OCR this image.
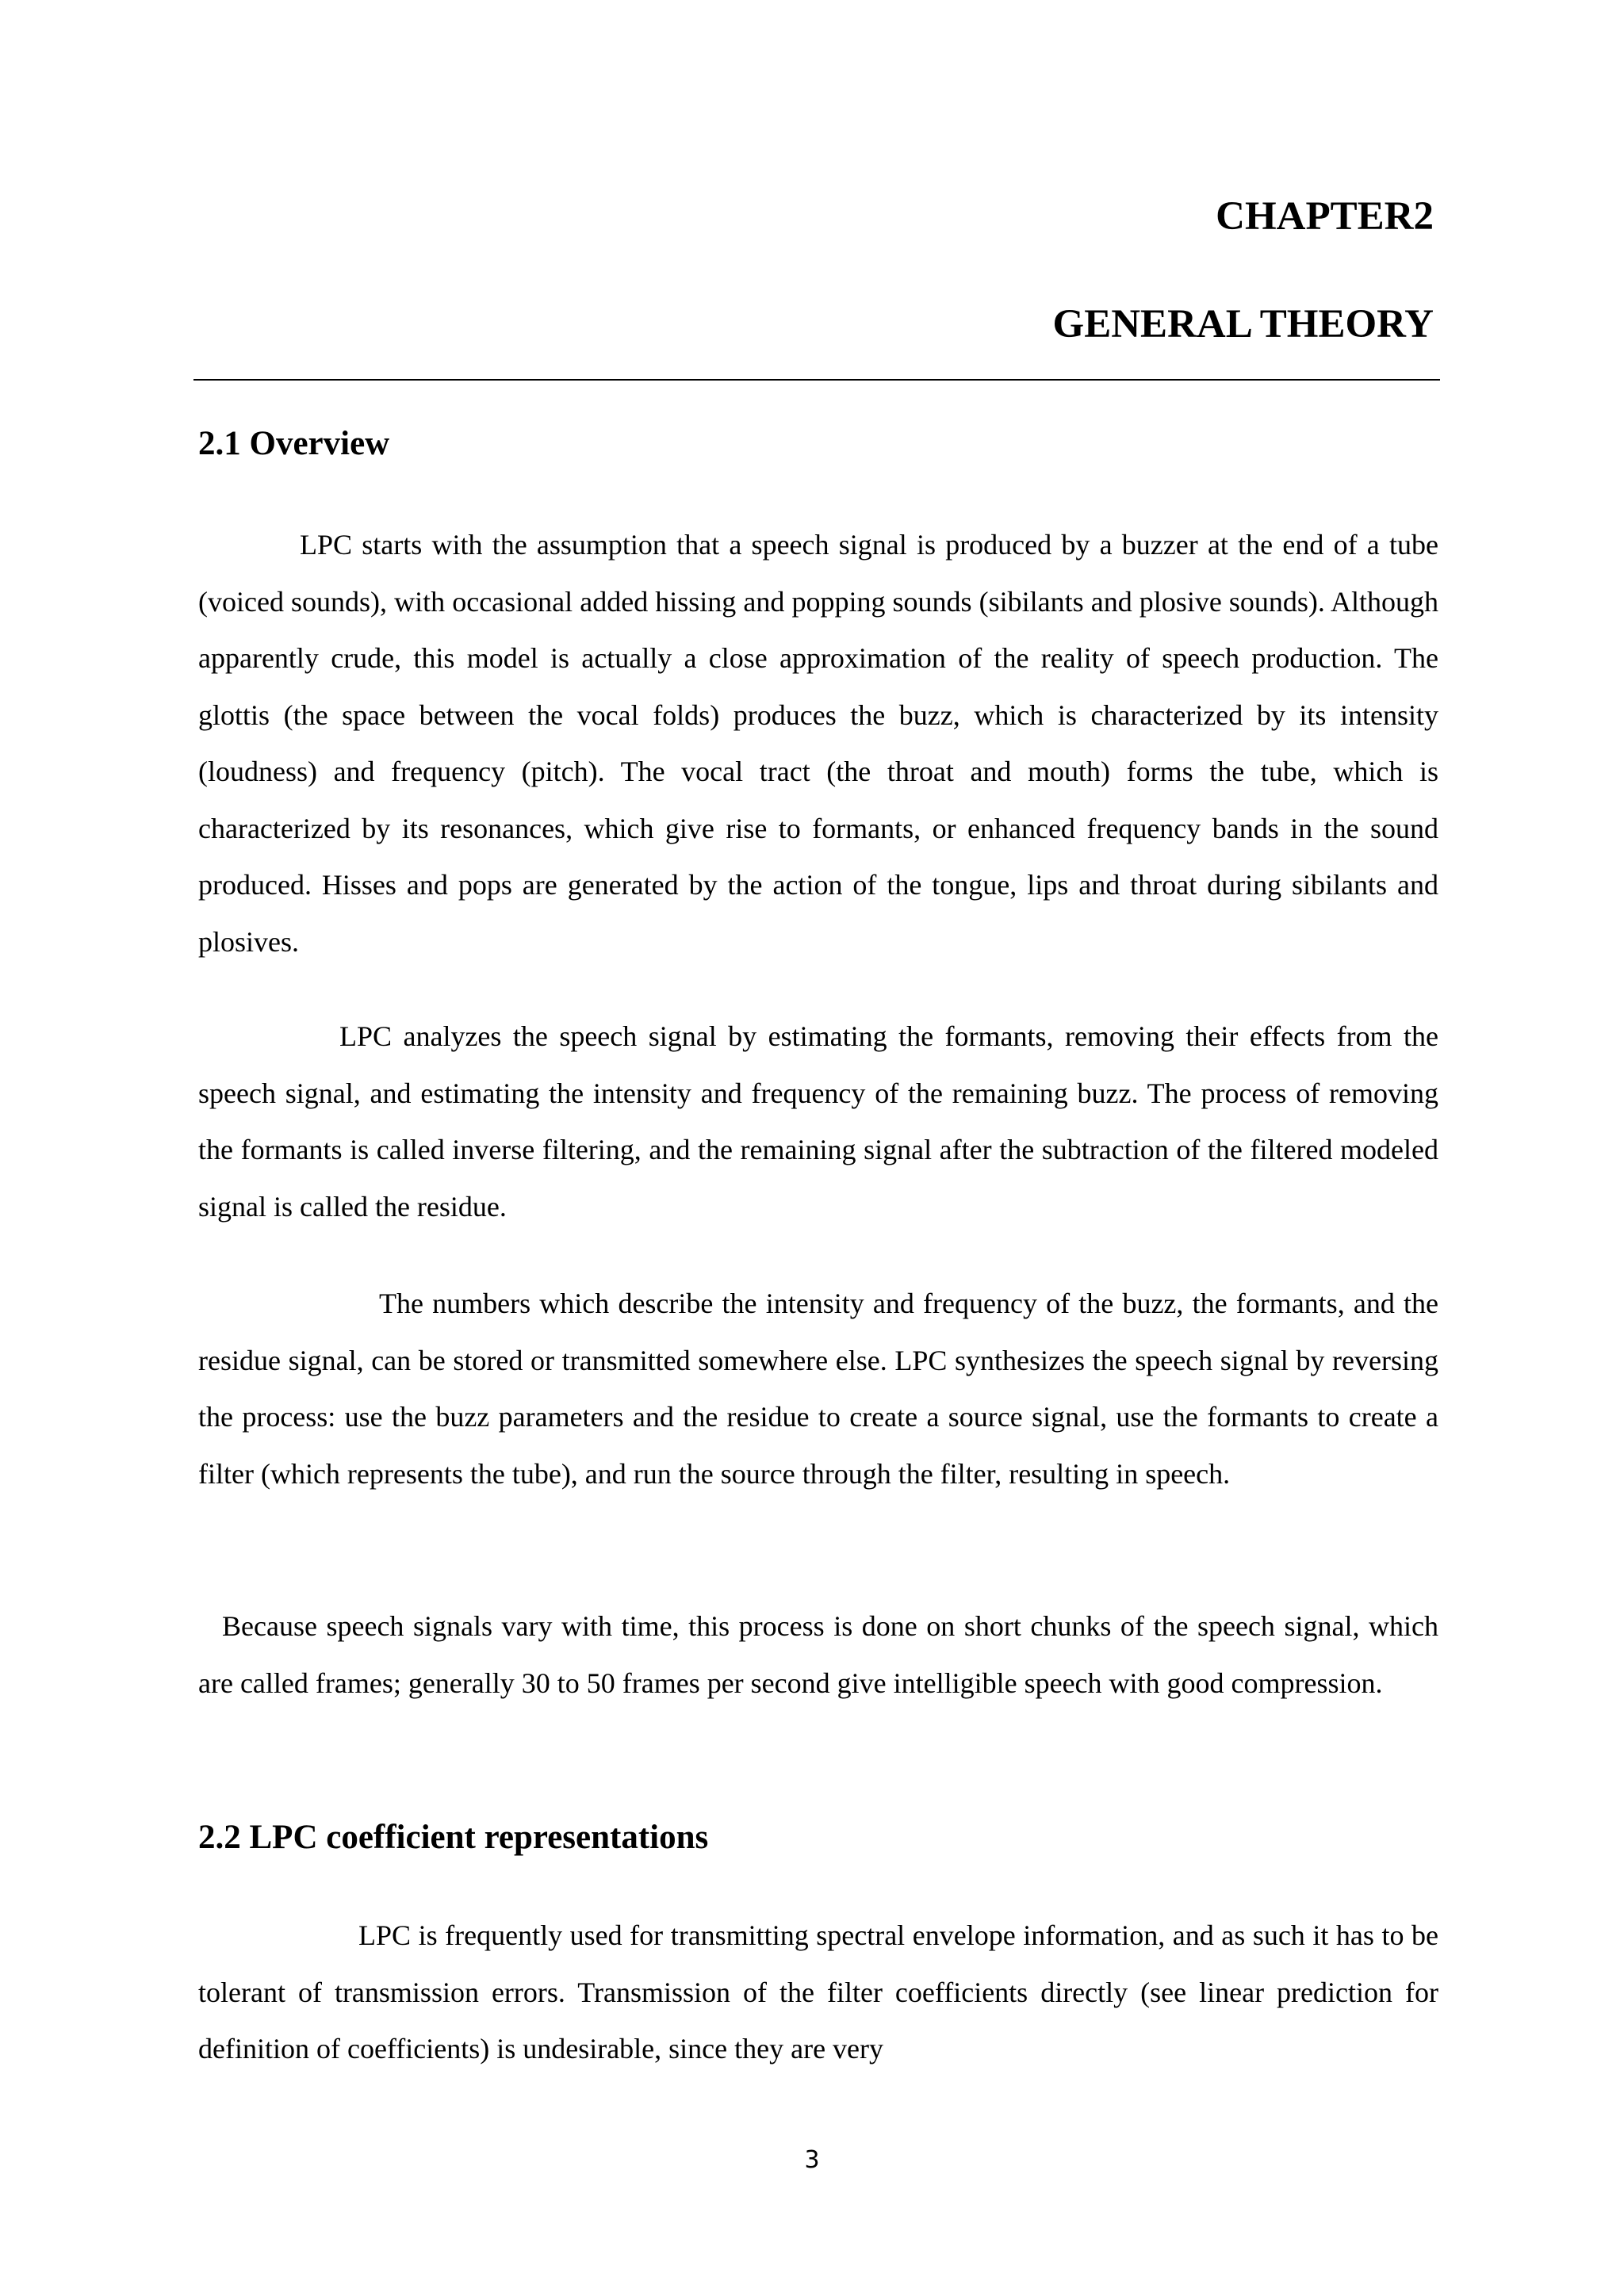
CHAPTER2
GENERAL THEORY
2.1 Overview

LPC starts with the assumption that a speech signal is produced by a buzzer at the end of a tube (voiced sounds), with occasional added hissing and popping sounds (sibilants and plosive sounds). Although apparently crude, this model is actually a close approximation of the reality of speech production. The glottis (the space between the vocal folds) produces the buzz, which is characterized by its intensity (loudness) and frequency (pitch). The vocal tract (the throat and mouth) forms the tube, which is characterized by its resonances, which give rise to formants, or enhanced frequency bands in the sound produced. Hisses and pops are generated by the action of the tongue, lips and throat during sibilants and plosives.

LPC analyzes the speech signal by estimating the formants, removing their effects from the speech signal, and estimating the intensity and frequency of the remaining buzz. The process of removing the formants is called inverse filtering, and the remaining signal after the subtraction of the filtered modeled signal is called the residue.

The numbers which describe the intensity and frequency of the buzz, the formants, and the residue signal, can be stored or transmitted somewhere else. LPC synthesizes the speech signal by reversing the process: use the buzz parameters and the residue to create a source signal, use the formants to create a filter (which represents the tube), and run the source through the filter, resulting in speech.

Because speech signals vary with time, this process is done on short chunks of the speech signal, which are called frames; generally 30 to 50 frames per second give intelligible speech with good compression.

2.2 LPC coefficient representations

LPC is frequently used for transmitting spectral envelope information, and as such it has to be tolerant of transmission errors. Transmission of the filter coefficients directly (see linear prediction for definition of coefficients) is undesirable, since they are very

3
